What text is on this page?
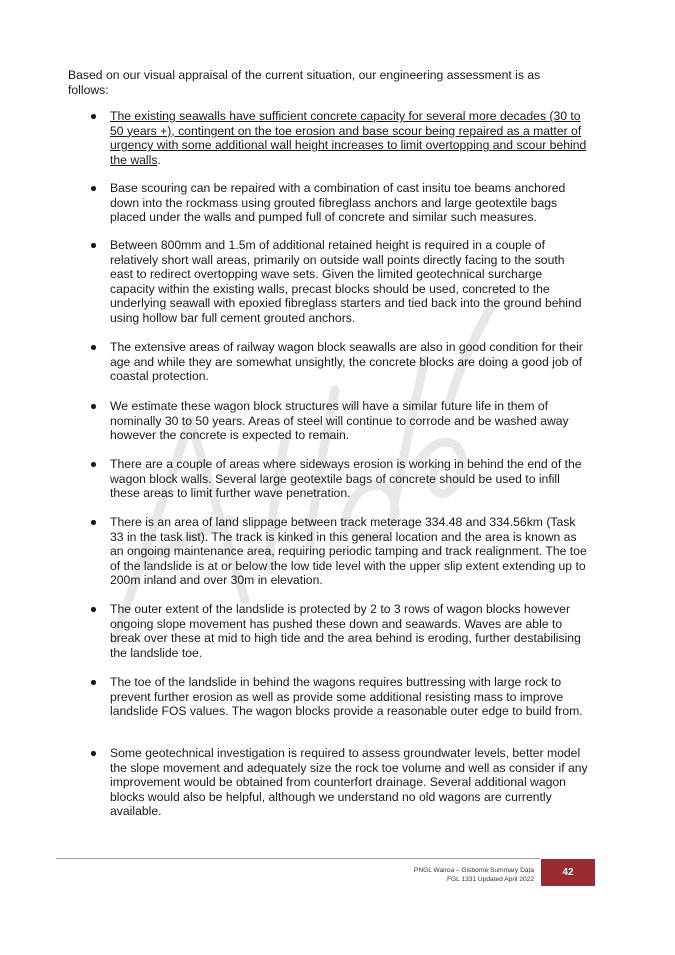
Based on our visual appraisal of the current situation, our engineering assessment is as follows:

The existing seawalls have sufficient concrete capacity for several more decades (30 to 50 years +), contingent on the toe erosion and base scour being repaired as a matter of urgency with some additional wall height increases to limit overtopping and scour behind the walls.

Base scouring can be repaired with a combination of cast insitu toe beams anchored down into the rockmass using grouted fibreglass anchors and large geotextile bags placed under the walls and pumped full of concrete and similar such measures.

Between 800mm and 1.5m of additional retained height is required in a couple of relatively short wall areas, primarily on outside wall points directly facing to the south east to redirect overtopping wave sets. Given the limited geotechnical surcharge capacity within the existing walls, precast blocks should be used, concreted to the underlying seawall with epoxied fibreglass starters and tied back into the ground behind using hollow bar full cement grouted anchors.

The extensive areas of railway wagon block seawalls are also in good condition for their age and while they are somewhat unsightly, the concrete blocks are doing a good job of coastal protection.

We estimate these wagon block structures will have a similar future life in them of nominally 30 to 50 years. Areas of steel will continue to corrode and be washed away however the concrete is expected to remain.

There are a couple of areas where sideways erosion is working in behind the end of the wagon block walls. Several large geotextile bags of concrete should be used to infill these areas to limit further wave penetration.

There is an area of land slippage between track meterage 334.48 and 334.56km (Task 33 in the task list). The track is kinked in this general location and the area is known as an ongoing maintenance area, requiring periodic tamping and track realignment. The toe of the landslide is at or below the low tide level with the upper slip extent extending up to 200m inland and over 30m in elevation.

The outer extent of the landslide is protected by 2 to 3 rows of wagon blocks however ongoing slope movement has pushed these down and seawards. Waves are able to break over these at mid to high tide and the area behind is eroding, further destabilising the landslide toe.

The toe of the landslide in behind the wagons requires buttressing with large rock to prevent further erosion as well as provide some additional resisting mass to improve landslide FOS values. The wagon blocks provide a reasonable outer edge to build from.

Some geotechnical investigation is required to assess groundwater levels, better model the slope movement and adequately size the rock toe volume and well as consider if any improvement would be obtained from counterfort drainage. Several additional wagon blocks would also be helpful, although we understand no old wagons are currently available.

PNGL Wairoa – Gisborne Summary Data
FGL 1331 Updated April 2022
42
